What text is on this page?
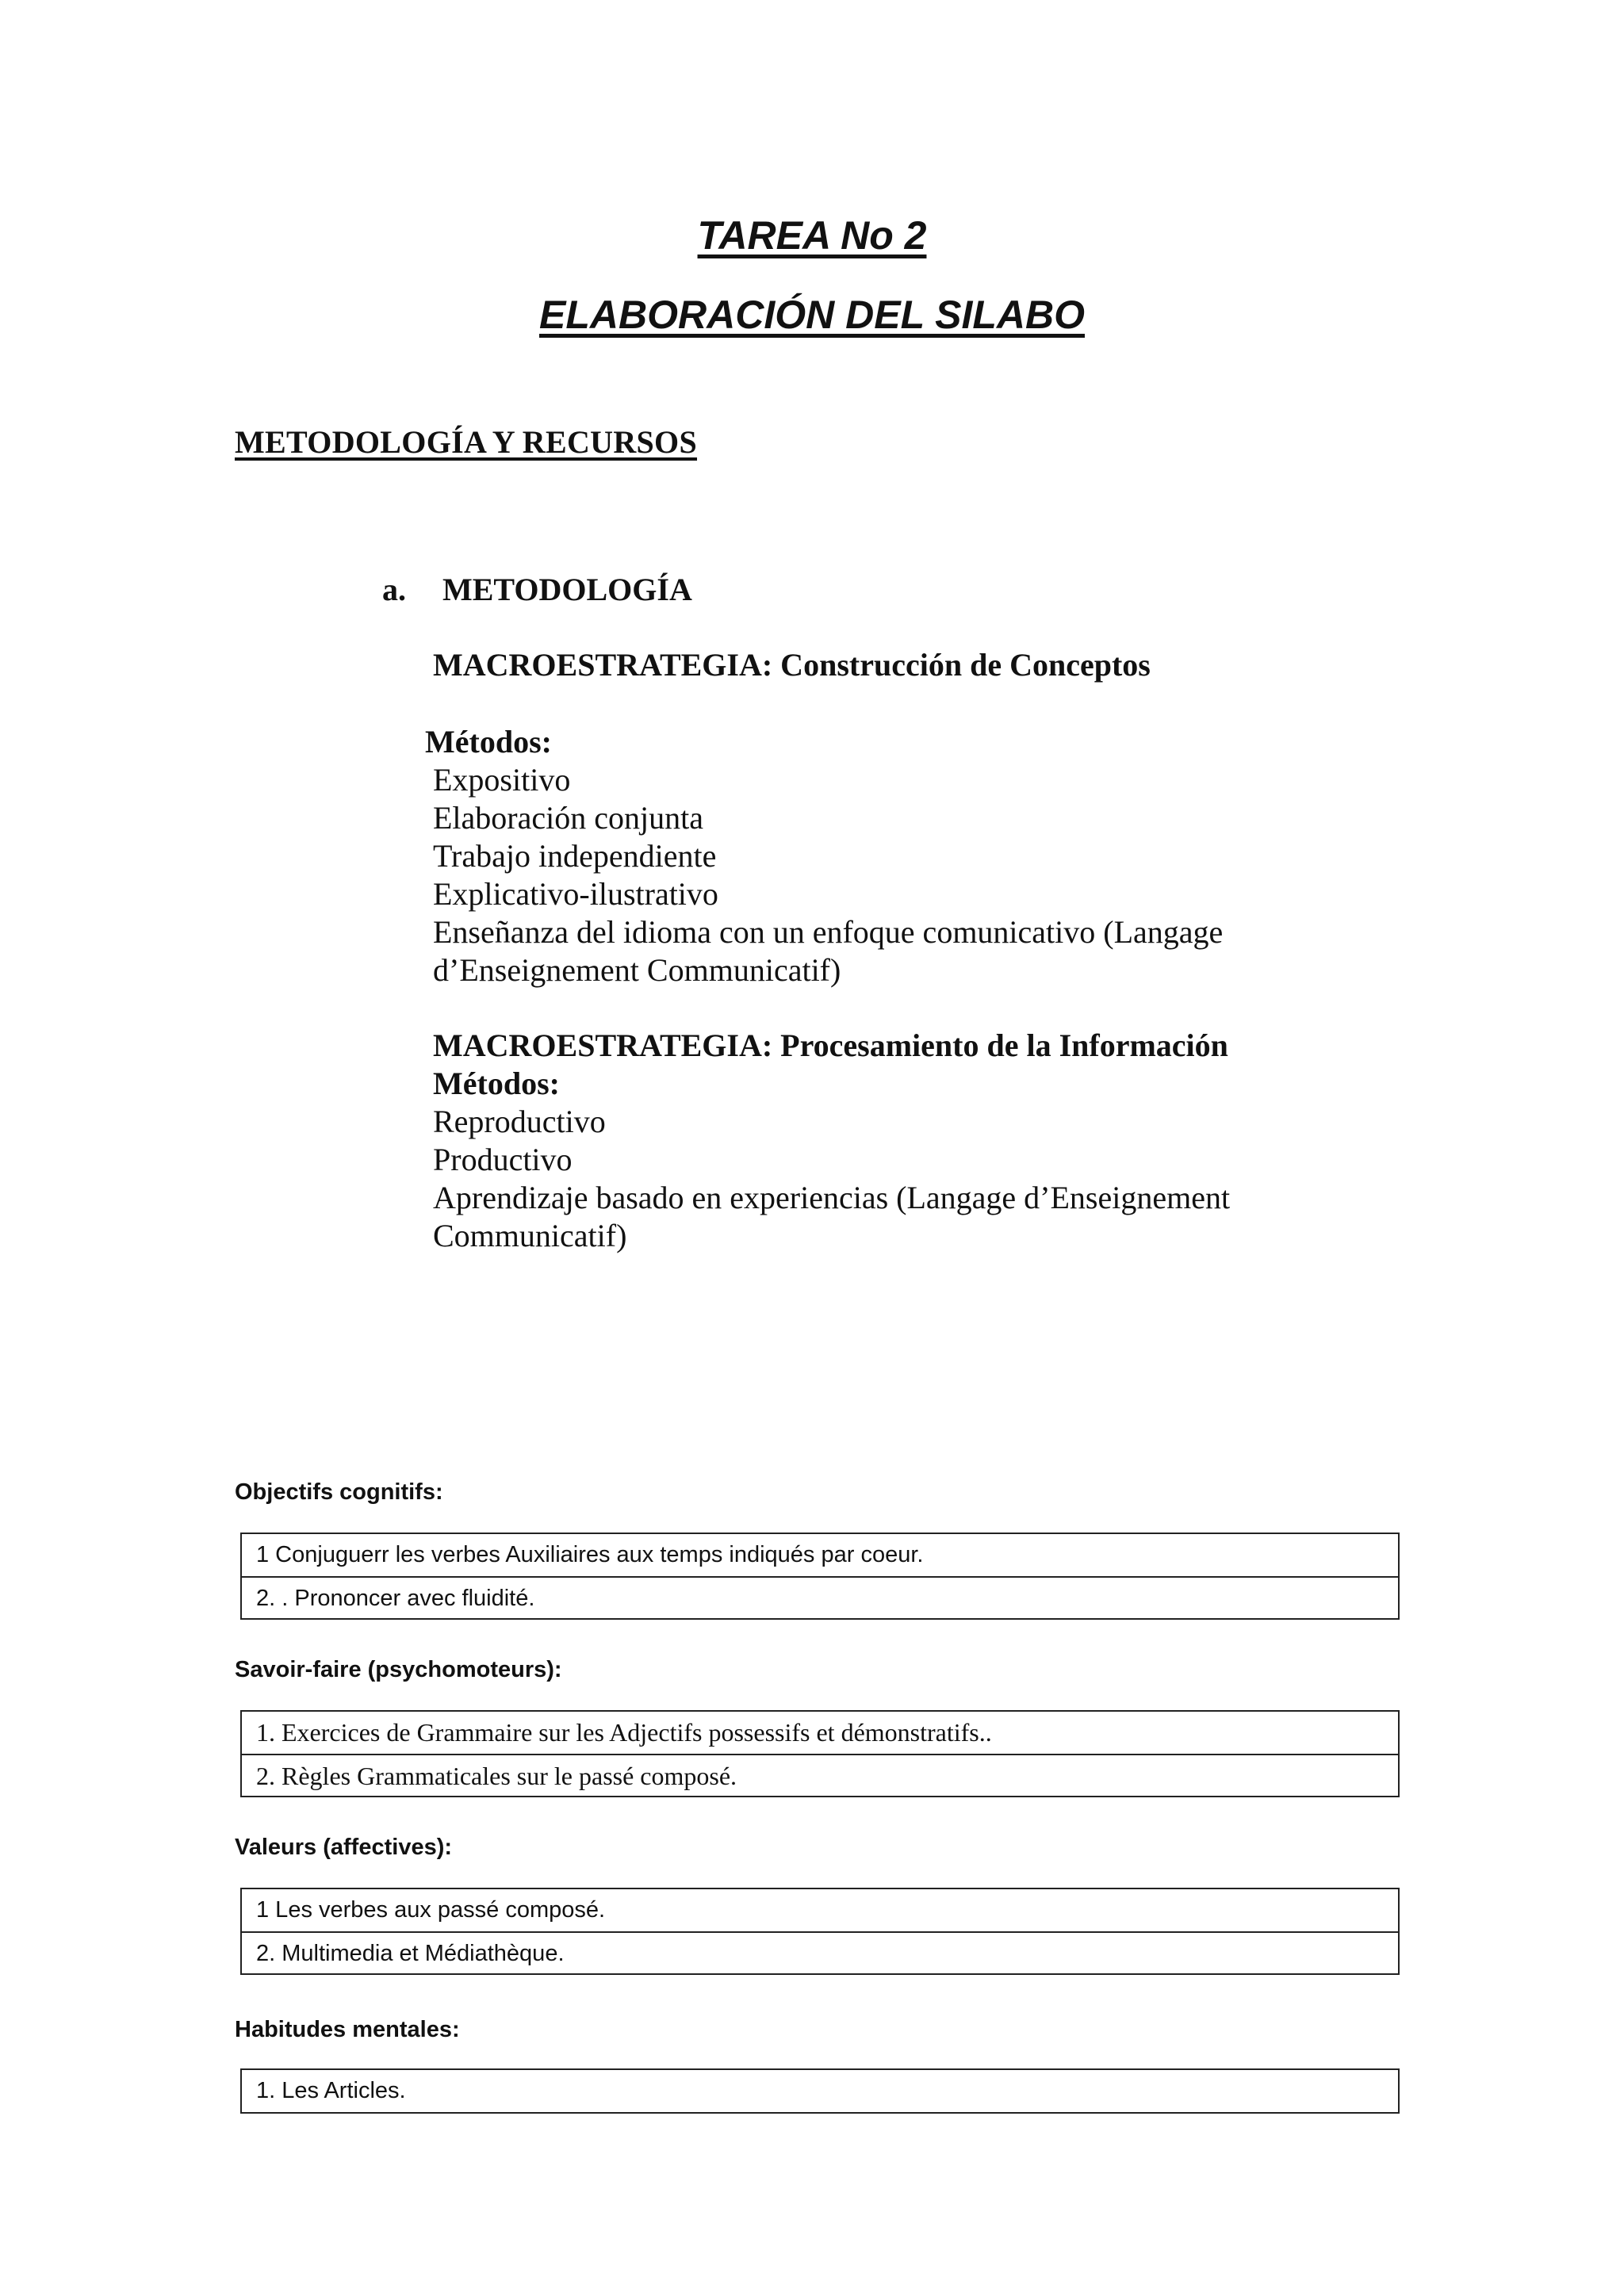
TAREA No 2
ELABORACIÓN DEL SILABO
METODOLOGÍA Y RECURSOS

a. METODOLOGÍA

MACROESTRATEGIA: Construcción de Conceptos

Métodos:

Expositivo

Elaboración conjunta

Trabajo independiente

Explicativo-ilustrativo

Enseñanza del idioma con un enfoque comunicativo (Langage

d’Enseignement Communicatif)

MACROESTRATEGIA: Procesamiento de la Información

Métodos:

Reproductivo

Productivo

Aprendizaje basado en experiencias (Langage d’Enseignement

Communicatif)

Objectifs cognitifs:

1 Conjuguerr les verbes Auxiliaires aux temps indiqués par coeur.
2. . Prononcer avec fluidité.

Savoir-faire (psychomoteurs):

1. Exercices de Grammaire sur les Adjectifs possessifs et démonstratifs..
2. Règles Grammaticales sur le passé composé.

Valeurs (affectives):

1 Les verbes aux passé composé.
2. Multimedia et Médiathèque.

Habitudes mentales:

1. Les Articles.
